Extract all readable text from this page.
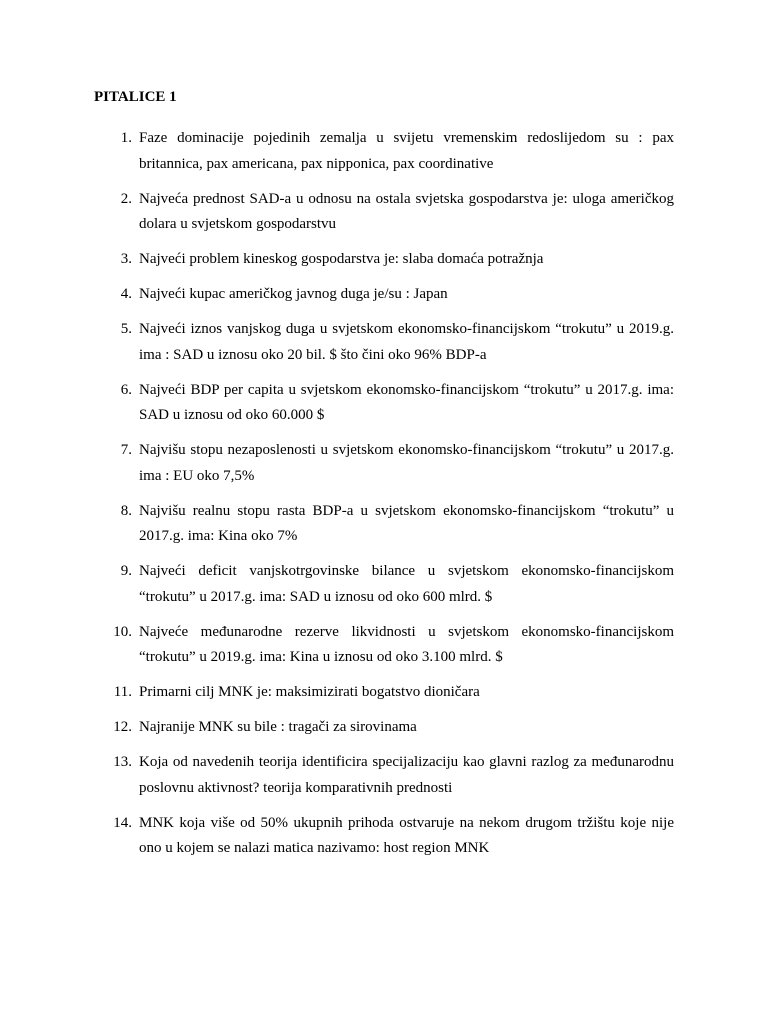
PITALICE 1
1. Faze dominacije pojedinih zemalja u svijetu vremenskim redoslijedom su : pax britannica, pax americana, pax nipponica, pax coordinative
2. Najveća prednost SAD-a u odnosu na ostala svjetska gospodarstva je: uloga američkog dolara u svjetskom gospodarstvu
3. Najveći problem kineskog gospodarstva je: slaba domaća potražnja
4. Najveći kupac američkog javnog duga je/su : Japan
5. Najveći iznos vanjskog duga u svjetskom ekonomsko-financijskom “trokutu” u 2019.g. ima : SAD u iznosu oko 20 bil. $ što čini oko 96% BDP-a
6. Najveći BDP per capita u svjetskom ekonomsko-financijskom “trokutu” u 2017.g. ima: SAD u iznosu od oko 60.000 $
7. Najvišu stopu nezaposlenosti u svjetskom ekonomsko-financijskom “trokutu” u 2017.g. ima : EU oko 7,5%
8. Najvišu realnu stopu rasta BDP-a u svjetskom ekonomsko-financijskom “trokutu” u 2017.g. ima: Kina oko 7%
9. Najveći deficit vanjskotrgovinske bilance u svjetskom ekonomsko-financijskom “trokutu” u 2017.g. ima: SAD u iznosu od oko 600 mlrd. $
10. Najveće međunarodne rezerve likvidnosti u svjetskom ekonomsko-financijskom “trokutu” u 2019.g. ima: Kina u iznosu od oko 3.100 mlrd. $
11. Primarni cilj MNK je: maksimizirati bogatstvo dioničara
12. Najranije MNK su bile : tragači za sirovinama
13. Koja od navedenih teorija identificira specijalizaciju kao glavni razlog za međunarodnu poslovnu aktivnost? teorija komparativnih prednosti
14. MNK koja više od 50% ukupnih prihoda ostvaruje na nekom drugom tržištu koje nije ono u kojem se nalazi matica nazivamo: host region MNK
